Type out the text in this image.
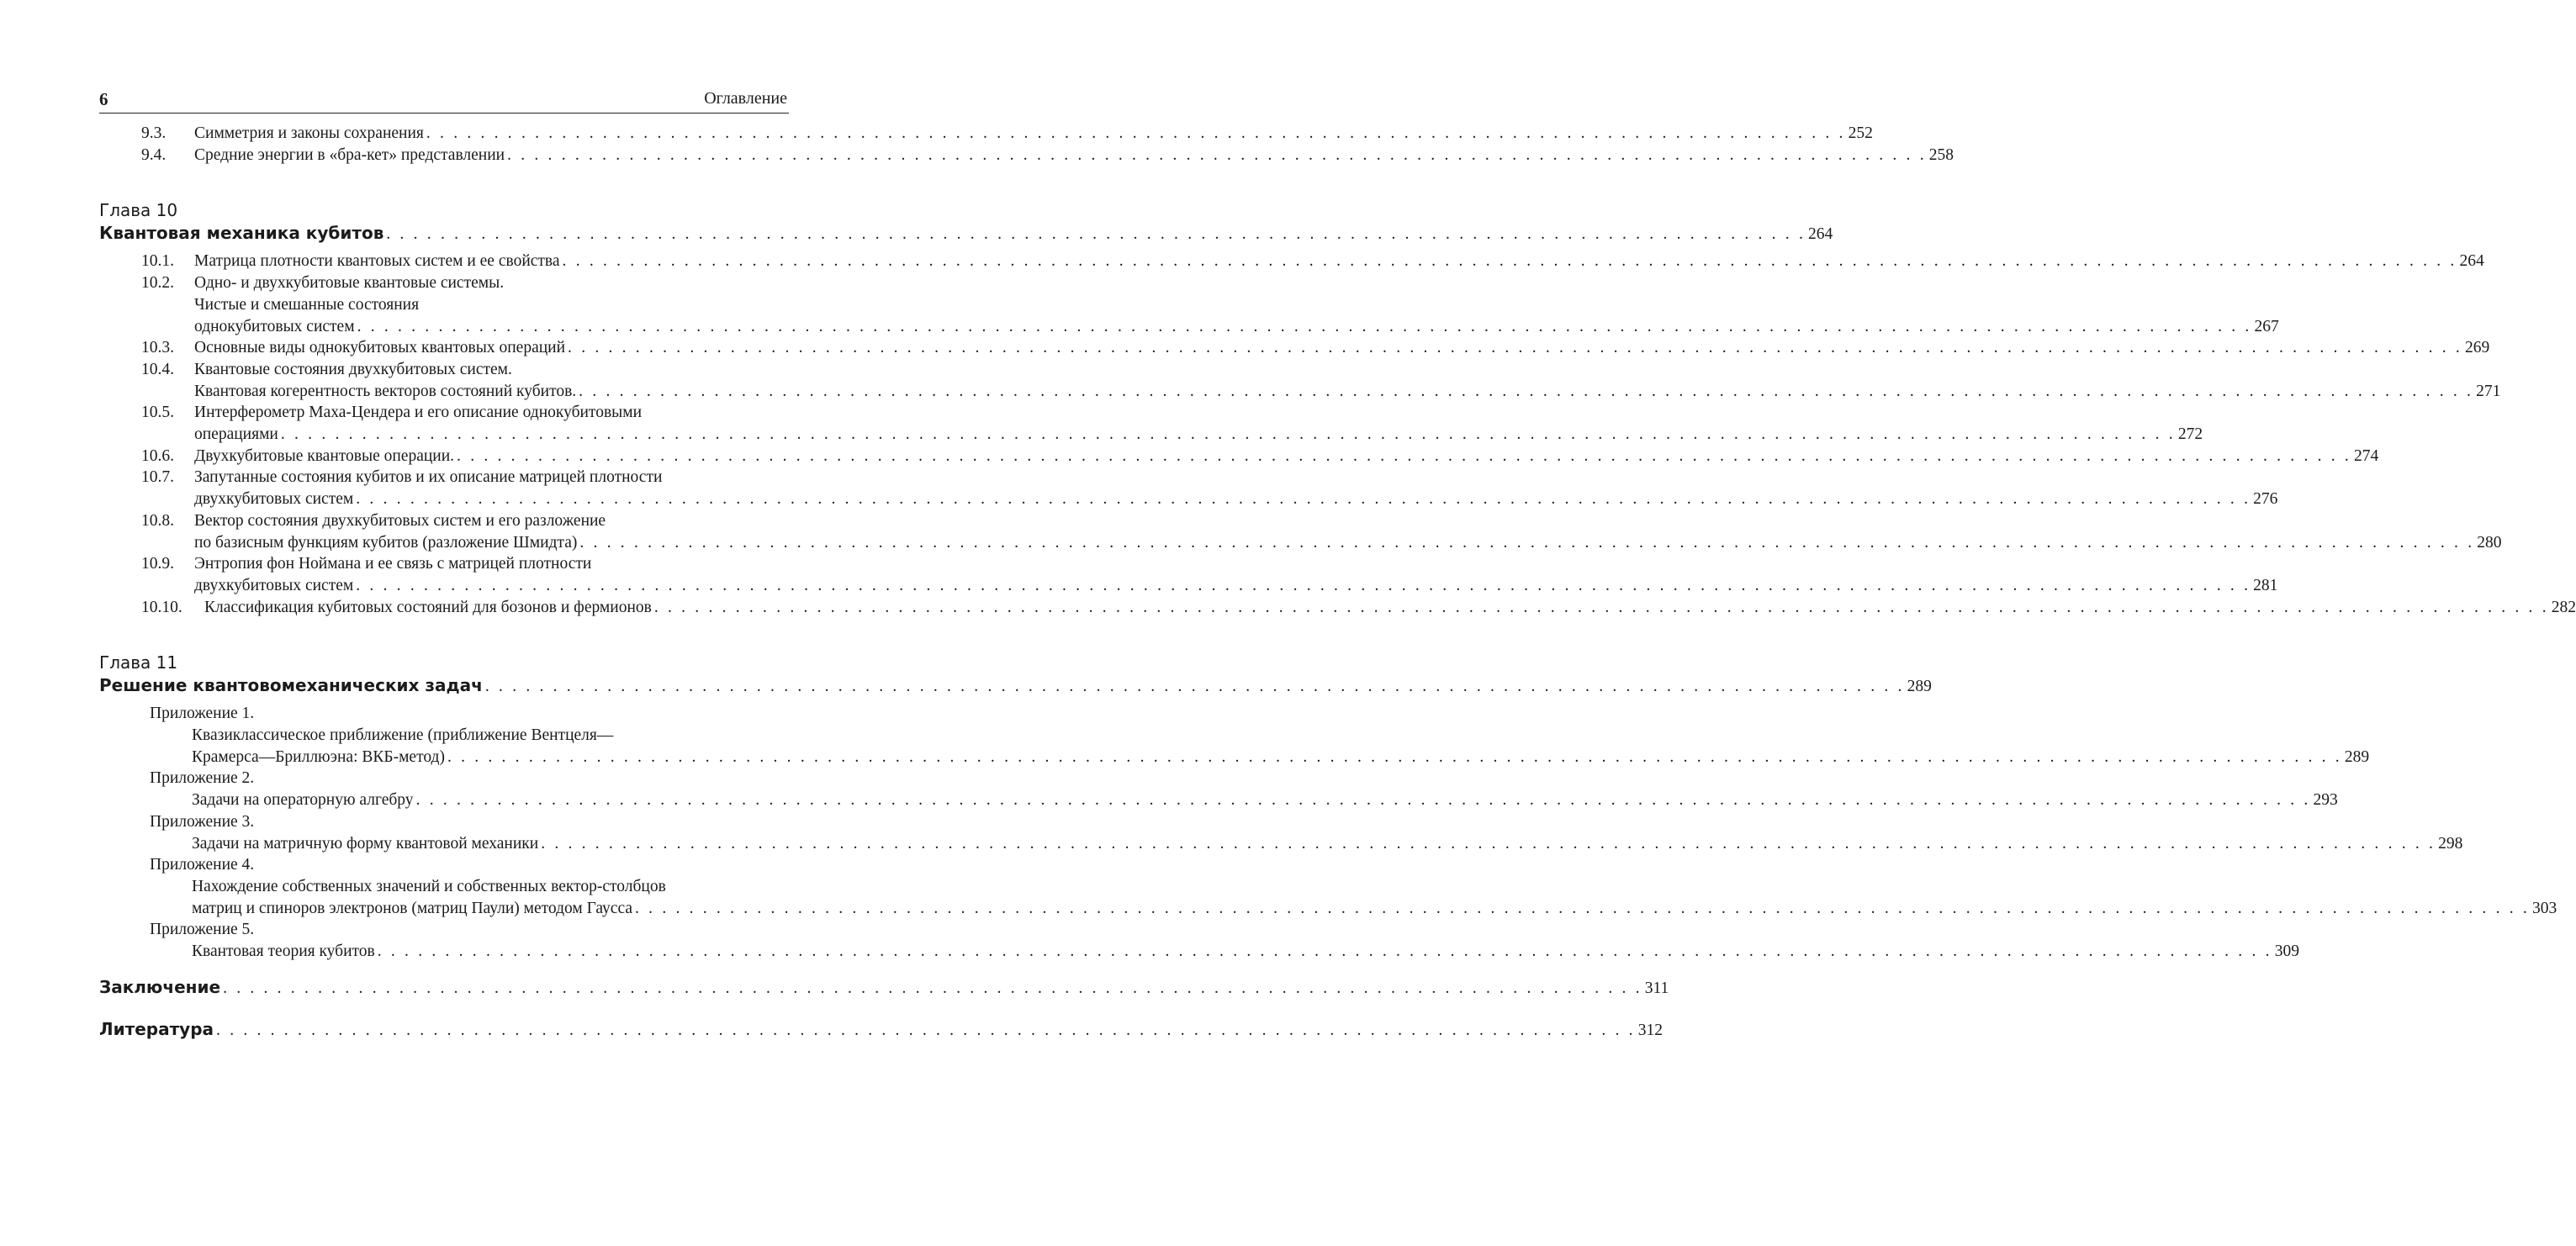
6	Оглавление
9.3.	Симметрия и законы сохранения . . . . . . . . . . . . . . . . . . . . . . . . . . . . . . . . . . . . . . . . . . . . . . . . . . . . . . . . . . . . . . . . . . . . . . . . . . . . . . . . . . . . . . . . . . . . . . . . . . . . . . . . . 252
9.4.	Средние энергии в «бра-кет» представлении . . . . . . . . . . . . . . . . . . . . . . . . . . . . . . . . . . . . . . . . . . . . . . . . . . . . . . . . . . . . . . . . . . . . . . . . . . . . . . . . . . . . . . . . . . . . . . . . . . . . . . . . . 258
Глава 10
Квантовая механика кубитов . . . . . . . . . . . . . . . . . . . . . . . . . . . . . . . . . . . . . . . . . . . . . . . . . . . . . . . . . . . . . . . . . . . . . . . . . . . . . . . . . . . . . . . . . . . . . . . . . . . . . . . . . 264
10.1.	Матрица плотности квантовых систем и ее свойства . . . . . . . . . . . . . . . . . . . . . . . . . . . . . . . . . . . . . . . . . . . . . . . . . . . . . . . . . . . . . . . . . . . . . . . . . . . . . . . . . . . . . . . . . . . . . . . . . . . . . . . . . . . . . . . . . . . . . . . . . . . . . . . . . . . . . . . . . . . . 264
10.2.	Одно- и двухкубитовые квантовые системы.
Чистые и смешанные состояния
однокубитовых систем . . . . . . . . . . . . . . . . . . . . . . . . . . . . . . . . . . . . . . . . . . . . . . . . . . . . . . . . . . . . . . . . . . . . . . . . . . . . . . . . . . . . . . . . . . . . . . . . . . . . . . . . . . . . . . . . . . . . . . . . . . . . . . . . . . . . . . . . . . . . 267
10.3.	Основные виды однокубитовых квантовых операций . . . . . . . . . . . . . . . . . . . . . . . . . . . . . . . . . . . . . . . . . . . . . . . . . . . . . . . . . . . . . . . . . . . . . . . . . . . . . . . . . . . . . . . . . . . . . . . . . . . . . . . . . . . . . . . . . . . . . . . . . . . . . . . . . . . . . . . . . . . . 269
10.4.	Квантовые состояния двухкубитовых систем.
Квантовая когерентность векторов состояний кубитов. . . . . . . . . . . . . . . . . . . . . . . . . . . . . . . . . . . . . . . . . . . . . . . . . . . . . . . . . . . . . . . . . . . . . . . . . . . . . . . . . . . . . . . . . . . . . . . . . . . . . . . . . . . . . . . . . . . . . . . . . . . . . . . . . . . . . . . . . . . . . 271
10.5.	Интерферометр Маха-Цендера и его описание однокубитовыми
операциями . . . . . . . . . . . . . . . . . . . . . . . . . . . . . . . . . . . . . . . . . . . . . . . . . . . . . . . . . . . . . . . . . . . . . . . . . . . . . . . . . . . . . . . . . . . . . . . . . . . . . . . . . . . . . . . . . . . . . . . . . . . . . . . . . . . . . . . . . . . . 272
10.6.	Двухкубитовые квантовые операции. . . . . . . . . . . . . . . . . . . . . . . . . . . . . . . . . . . . . . . . . . . . . . . . . . . . . . . . . . . . . . . . . . . . . . . . . . . . . . . . . . . . . . . . . . . . . . . . . . . . . . . . . . . . . . . . . . . . . . . . . . . . . . . . . . . . . . . . . . . . . 274
10.7.	Запутанные состояния кубитов и их описание матрицей плотности
двухкубитовых систем . . . . . . . . . . . . . . . . . . . . . . . . . . . . . . . . . . . . . . . . . . . . . . . . . . . . . . . . . . . . . . . . . . . . . . . . . . . . . . . . . . . . . . . . . . . . . . . . . . . . . . . . . . . . . . . . . . . . . . . . . . . . . . . . . . . . . . . . . . . . 276
10.8.	Вектор состояния двухкубитовых систем и его разложение
по базисным функциям кубитов (разложение Шмидта) . . . . . . . . . . . . . . . . . . . . . . . . . . . . . . . . . . . . . . . . . . . . . . . . . . . . . . . . . . . . . . . . . . . . . . . . . . . . . . . . . . . . . . . . . . . . . . . . . . . . . . . . . . . . . . . . . . . . . . . . . . . . . . . . . . . . . . . . . . . . 280
10.9.	Энтропия фон Ноймана и ее связь с матрицей плотности
двухкубитовых систем . . . . . . . . . . . . . . . . . . . . . . . . . . . . . . . . . . . . . . . . . . . . . . . . . . . . . . . . . . . . . . . . . . . . . . . . . . . . . . . . . . . . . . . . . . . . . . . . . . . . . . . . . . . . . . . . . . . . . . . . . . . . . . . . . . . . . . . . . . . . 281
10.10.	Классификация кубитовых состояний для бозонов и фермионов . . . . . . . . . . . . . . . . . . . . . . . . . . . . . . . . . . . . . . . . . . . . . . . . . . . . . . . . . . . . . . . . . . . . . . . . . . . . . . . . . . . . . . . . . . . . . . . . . . . . . . . . . . . . . . . . . . . . . . . . . . . . . . . . . . . . . . . . . . . . 282
Глава 11
Решение квантовомеханических задач . . . . . . . . . . . . . . . . . . . . . . . . . . . . . . . . . . . . . . . . . . . . . . . . . . . . . . . . . . . . . . . . . . . . . . . . . . . . . . . . . . . . . . . . . . . . . . . . . . . . . . . . . 289
Приложение 1.
Квазиклассическое приближение (приближение Вентцеля—
Крамерса—Бриллюэна: ВКБ-метод) . . . . . . . . . . . . . . . . . . . . . . . . . . . . . . . . . . . . . . . . . . . . . . . . . . . . . . . . . . . . . . . . . . . . . . . . . . . . . . . . . . . . . . . . . . . . . . . . . . . . . . . . . . . . . . . . . . . . . . . . . . . . . . . . . . . . . . . . . . . . 289
Приложение 2.
Задачи на операторную алгебру . . . . . . . . . . . . . . . . . . . . . . . . . . . . . . . . . . . . . . . . . . . . . . . . . . . . . . . . . . . . . . . . . . . . . . . . . . . . . . . . . . . . . . . . . . . . . . . . . . . . . . . . . . . . . . . . . . . . . . . . . . . . . . . . . . . . . . . . . . . . 293
Приложение 3.
Задачи на матричную форму квантовой механики . . . . . . . . . . . . . . . . . . . . . . . . . . . . . . . . . . . . . . . . . . . . . . . . . . . . . . . . . . . . . . . . . . . . . . . . . . . . . . . . . . . . . . . . . . . . . . . . . . . . . . . . . . . . . . . . . . . . . . . . . . . . . . . . . . . . . . . . . . . . 298
Приложение 4.
Нахождение собственных значений и собственных вектор-столбцов
матриц и спиноров электронов (матриц Паули) методом Гаусса . . . . . . . . . . . . . . . . . . . . . . . . . . . . . . . . . . . . . . . . . . . . . . . . . . . . . . . . . . . . . . . . . . . . . . . . . . . . . . . . . . . . . . . . . . . . . . . . . . . . . . . . . . . . . . . . . . . . . . . . . . . . . . . . . . . . . . . . . . . . 303
Приложение 5.
Квантовая теория кубитов . . . . . . . . . . . . . . . . . . . . . . . . . . . . . . . . . . . . . . . . . . . . . . . . . . . . . . . . . . . . . . . . . . . . . . . . . . . . . . . . . . . . . . . . . . . . . . . . . . . . . . . . . . . . . . . . . . . . . . . . . . . . . . . . . . . . . . . . . . . . 309
Заключение . . . . . . . . . . . . . . . . . . . . . . . . . . . . . . . . . . . . . . . . . . . . . . . . . . . . . . . . . . . . . . . . . . . . . . . . . . . . . . . . . . . . . . . . . . . . . . . . . . . . . . . . . 311
Литература . . . . . . . . . . . . . . . . . . . . . . . . . . . . . . . . . . . . . . . . . . . . . . . . . . . . . . . . . . . . . . . . . . . . . . . . . . . . . . . . . . . . . . . . . . . . . . . . . . . . . . . . . 312
